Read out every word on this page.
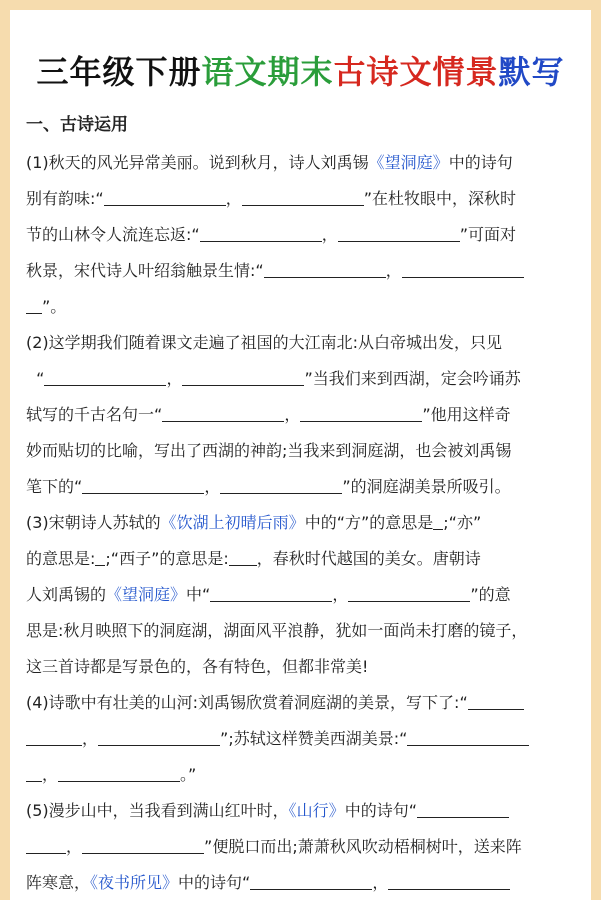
三年级下册语文期末古诗文情景默写
一、古诗运用
(1)秋天的风光异常美丽。说到秋月，诗人刘禹锡《望洞庭》中的诗句
别有韵味:“	，	”在杜牧眼中，深秋时
节的山林令人流连忘返:“	，	”可面对
秋景，宋代诗人叶绍翁触景生情:“	，
”。
(2)这学期我们随着课文走遍了祖国的大江南北:从白帝城出发，只见
“	，	”当我们来到西湖，定会吟诵苏
轼写的千古名句一“	，	”他用这样奇
妙而贴切的比喻，写出了西湖的神韵;当我来到洞庭湖，也会被刘禹锡
笔下的“	，	”的洞庭湖美景所吸引。
(3)宋朝诗人苏轼的《饮湖上初晴后雨》中的“方”的意思是 ;“亦”
的意思是: ;“西子”的意思是: ，春秋时代越国的美女。唐朝诗
人刘禹锡的《望洞庭》中“	，	”的意
思是:秋月映照下的洞庭湖，湖面风平浪静，犹如一面尚未打磨的镜子，
这三首诗都是写景色的，各有特色，但都非常美!
(4)诗歌中有壮美的山河:刘禹锡欣赏着洞庭湖的美景，写下了:“
，	”;苏轼这样赞美西湖美景:“
，	。”
(5)漫步山中，当我看到满山红叶时，《山行》中的诗句“
，	”便脱口而出;萧萧秋风吹动梧桐树叶，送来阵
阵寒意，《夜书所见》中的诗句“	，
